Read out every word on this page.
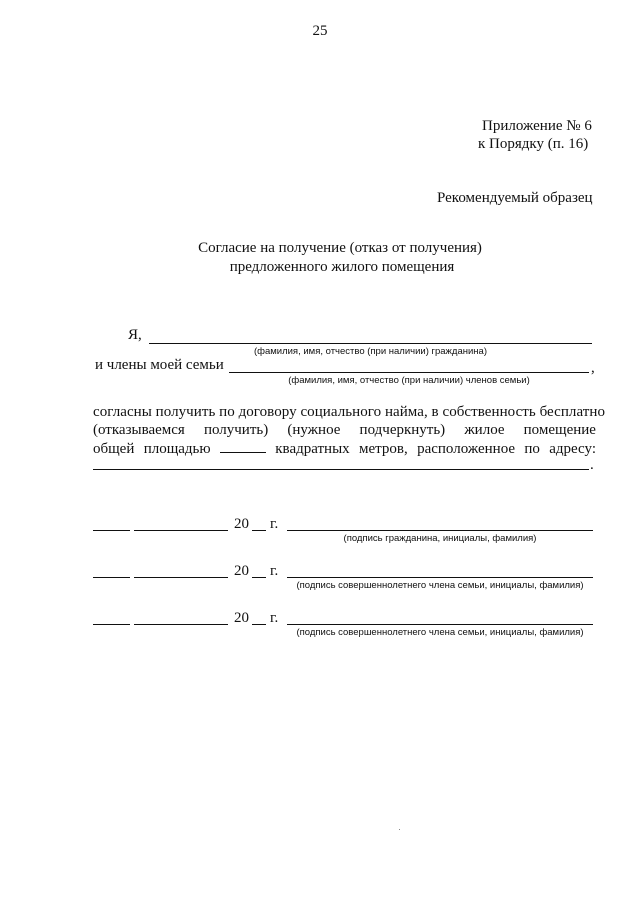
25
Приложение № 6
к Порядку (п. 16)
Рекомендуемый образец
Согласие на получение (отказ от получения)
предложенного жилого помещения
Я,
(фамилия, имя, отчество (при наличии) гражданина)
и члены моей семьи	,
(фамилия, имя, отчество (при наличии) членов семьи)
согласны получить по договору социального найма, в собственность бесплатно
(отказываемся получить) (нужное подчеркнуть) жилое помещение
общей площадью	квадратных метров, расположенное по адресу:
.
20 г.
(подпись гражданина, инициалы, фамилия)
20 г.
(подпись совершеннолетнего члена семьи, инициалы, фамилия)
20 г.
(подпись совершеннолетнего члена семьи, инициалы, фамилия)
